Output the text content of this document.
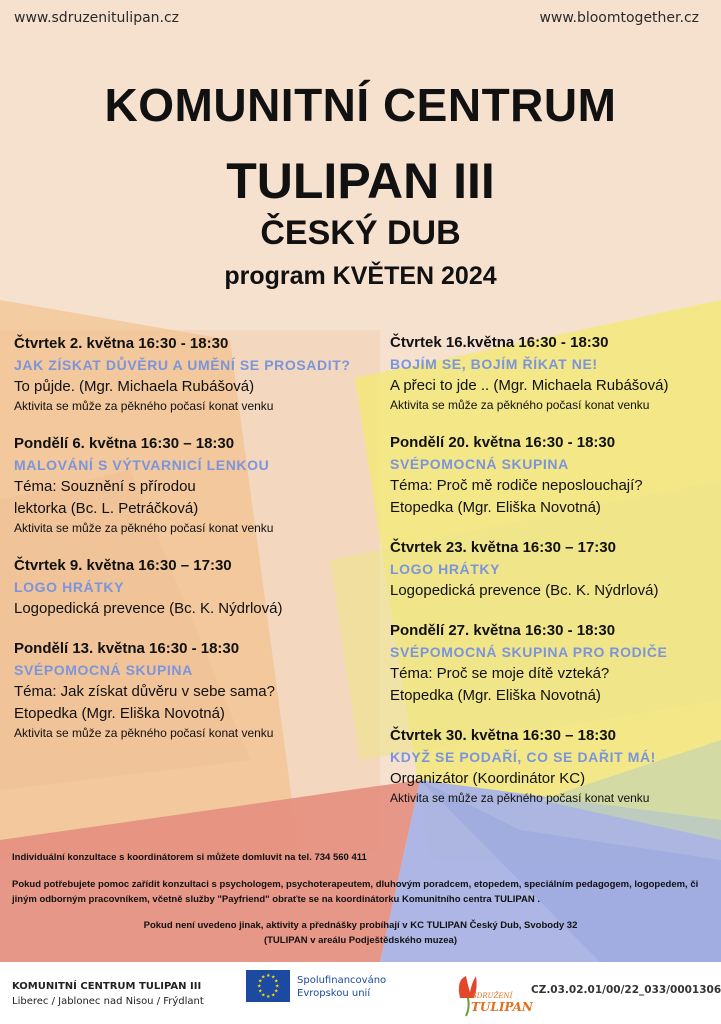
www.sdruzenitulipan.cz	www.bloomtogether.cz
KOMUNITNÍ CENTRUM
TULIPAN III
ČESKÝ DUB
program KVĚTEN 2024
Čtvrtek 2. května 16:30 - 18:30
JAK ZÍSKAT DŮVĚRU A UMĚNÍ SE PROSADIT?
To půjde. (Mgr. Michaela Rubášová)
Aktivita se může za pěkného počasí konat venku
Pondělí 6. května 16:30 – 18:30
MALOVÁNÍ S VÝTVARNICÍ LENKOU
Téma: Souznění s přírodou
lektorka (Bc. L. Petráčková)
Aktivita se může za pěkného počasí konat venku
Čtvrtek 9. května 16:30 – 17:30
LOGO HRÁTKY
Logopedická prevence (Bc. K. Nýdrlová)
Pondělí 13. května 16:30 - 18:30
SVÉPOMOCNÁ SKUPINA
Téma: Jak získat důvěru v sebe sama?
Etopedka (Mgr. Eliška Novotná)
Aktivita se může za pěkného počasí konat venku
Čtvrtek 16.května 16:30 - 18:30
BOJÍM SE, BOJÍM ŘÍKAT NE!
A přeci to jde .. (Mgr. Michaela Rubášová)
Aktivita se může za pěkného počasí konat venku
Pondělí 20. května 16:30 - 18:30
SVÉPOMOCNÁ SKUPINA
Téma: Proč mě rodiče neposlouchají?
Etopedka (Mgr. Eliška Novotná)
Čtvrtek 23. května 16:30 – 17:30
LOGO HRÁTKY
Logopedická prevence (Bc. K. Nýdrlová)
Pondělí 27. května 16:30 - 18:30
SVÉPOMOCNÁ SKUPINA PRO RODIČE
Téma: Proč se moje dítě vzteká?
Etopedka (Mgr. Eliška Novotná)
Čtvrtek 30. května 16:30 – 18:30
KDYŽ SE PODAŘÍ, CO SE DAŘIT MÁ!
Organizátor (Koordinátor KC)
Aktivita se může za pěkného počasí konat venku
Individuální konzultace s koordinátorem si můžete domluvit na tel. 734 560 411
Pokud potřebujete pomoc zařídit konzultaci s psychologem, psychoterapeutem, dluhovým poradcem, etopedem, speciálním pedagogem, logopedem, či jiným odborným pracovníkem, včetně služby "Payfriend" obraťte se na koordinátorku Komunitního centra TULIPAN .
Pokud není uvedeno jinak, aktivity a přednášky probíhají v KC TULIPAN Český Dub, Svobody 32
(TULIPAN v areálu Podještědského muzea)
KOMUNITNÍ CENTRUM TULIPAN III
Liberec / Jablonec nad Nisou / Frýdlant
★ ★
★
★
★
★
★
★
★
★
★
★	Spolufinancováno
Evropskou unií	SDRUŽENÍ
TULIPAN
CZ.03.02.01/00/22_033/0001306
